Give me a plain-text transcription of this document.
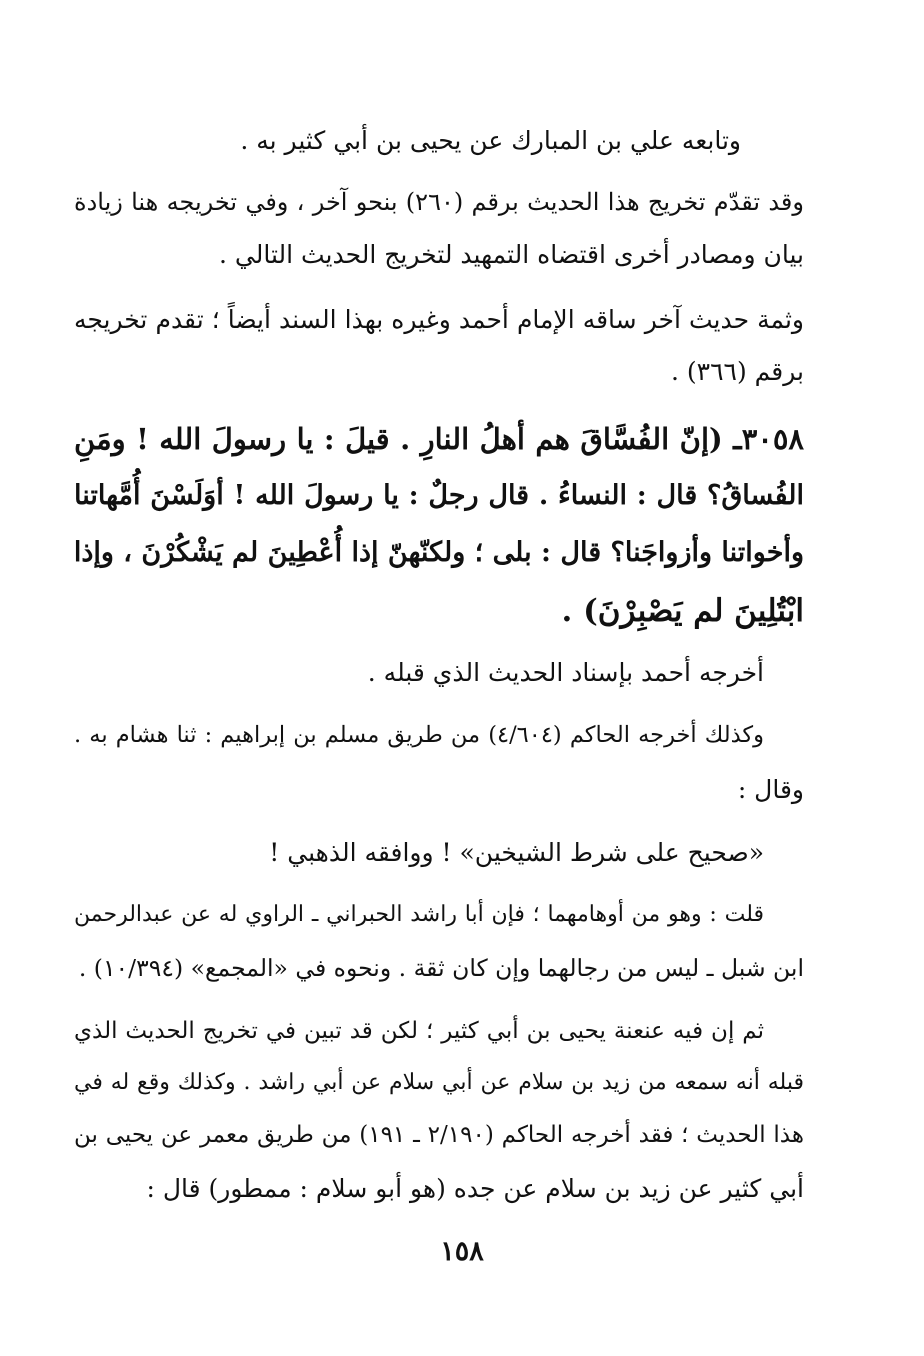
وتابعه علي بن المبارك عن يحيى بن أبي كثير به .
وقد تقدّم تخريج هذا الحديث برقم (٢٦٠) بنحو آخر ، وفي تخريجه هنا زيادة
بيان ومصادر أخرى اقتضاه التمهيد لتخريج الحديث التالي .
وثمة حديث آخر ساقه الإمام أحمد وغيره بهذا السند أيضاً ؛ تقدم تخريجه
برقم (٣٦٦) .
٣٠٥٨ـ (إنّ الفُسَّاقَ هم أهلُ النارِ . قيلَ : يا رسولَ الله ! ومَنِ
الفُساقُ؟ قال : النساءُ . قال رجلٌ : يا رسولَ الله ! أوَلَسْنَ أُمَّهاتنا
وأخواتنا وأزواجَنا؟ قال : بلى ؛ ولكنّهنّ إذا أُعْطِينَ لم يَشْكُرْنَ ، وإذا
ابْتُلِينَ لم يَصْبِرْنَ) .
أخرجه أحمد بإسناد الحديث الذي قبله .
وكذلك أخرجه الحاكم (٤/٦٠٤) من طريق مسلم بن إبراهيم : ثنا هشام به .
وقال :
«صحيح على شرط الشيخين» ! ووافقه الذهبي !
قلت : وهو من أوهامهما ؛ فإن أبا راشد الحبراني ـ الراوي له عن عبدالرحمن
ابن شبل ـ ليس من رجالهما وإن كان ثقة . ونحوه في «المجمع» (١٠/٣٩٤) .
ثم إن فيه عنعنة يحيى بن أبي كثير ؛ لكن قد تبين في تخريج الحديث الذي
قبله أنه سمعه من زيد بن سلام عن أبي سلام عن أبي راشد . وكذلك وقع له في
هذا الحديث ؛ فقد أخرجه الحاكم (٢/١٩٠ ـ ١٩١) من طريق معمر عن يحيى بن
أبي كثير عن زيد بن سلام عن جده (هو أبو سلام : ممطور) قال :
١٥٨
